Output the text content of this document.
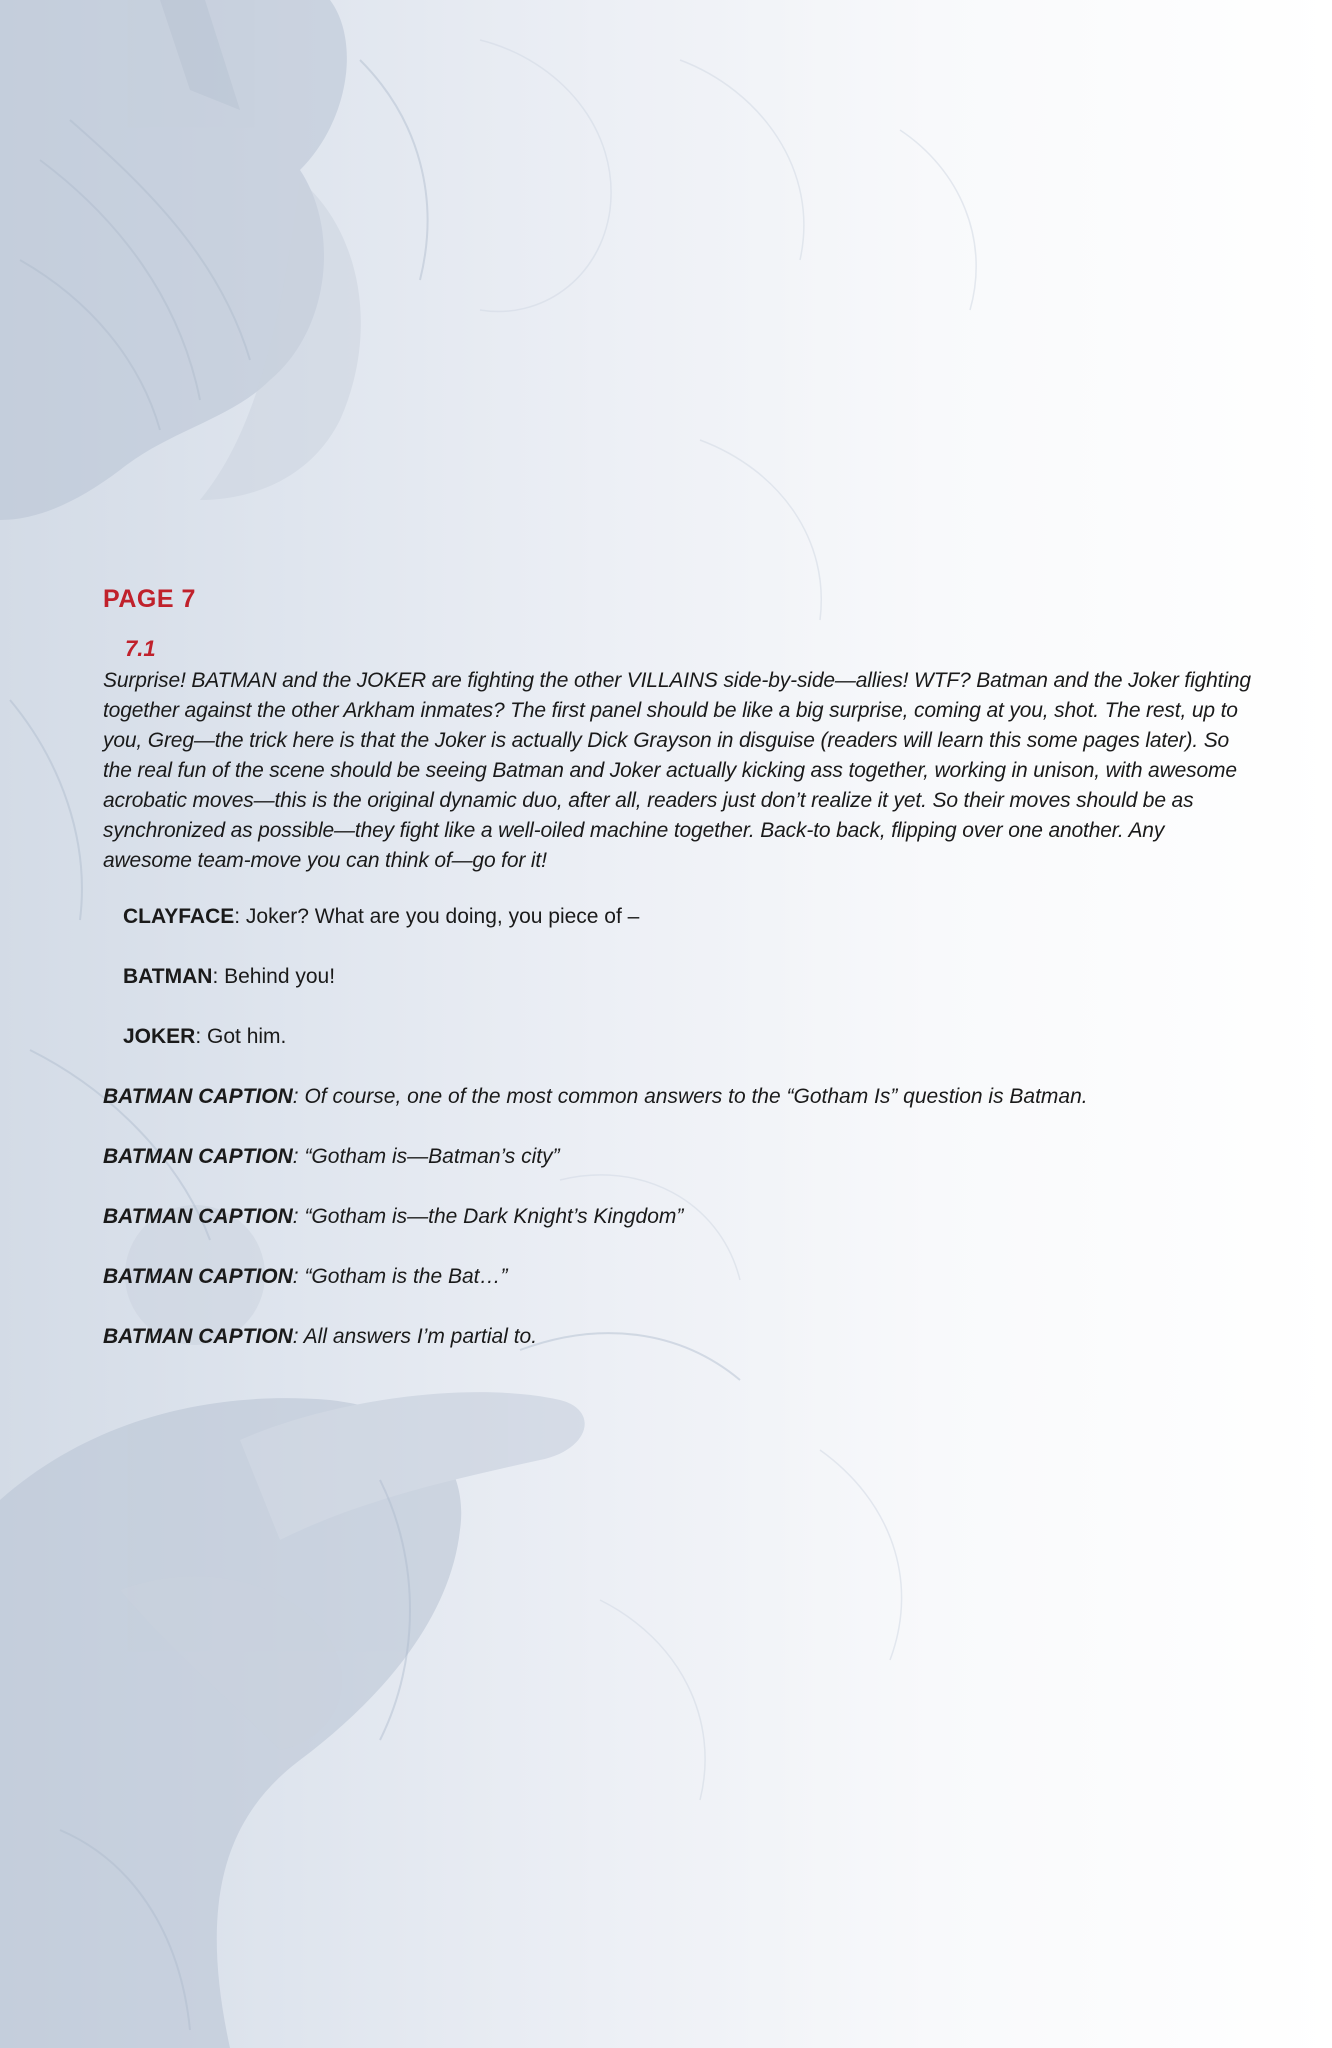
PAGE 7
7.1
Surprise! BATMAN and the JOKER are fighting the other VILLAINS side-by-side—allies! WTF? Batman and the Joker fighting together against the other Arkham inmates? The first panel should be like a big surprise, coming at you, shot. The rest, up to you, Greg—the trick here is that the Joker is actually Dick Grayson in disguise (readers will learn this some pages later). So the real fun of the scene should be seeing Batman and Joker actually kicking ass together, working in unison, with awesome acrobatic moves—this is the original dynamic duo, after all, readers just don’t realize it yet. So their moves should be as synchronized as possible—they fight like a well-oiled machine together. Back-to back, flipping over one another. Any awesome team-move you can think of—go for it!
CLAYFACE: Joker? What are you doing, you piece of –
BATMAN: Behind you!
JOKER: Got him.
BATMAN CAPTION: Of course, one of the most common answers to the “Gotham Is” question is Batman.
BATMAN CAPTION: “Gotham is—Batman’s city”
BATMAN CAPTION: “Gotham is—the Dark Knight’s Kingdom”
BATMAN CAPTION: “Gotham is the Bat…”
BATMAN CAPTION: All answers I’m partial to.
